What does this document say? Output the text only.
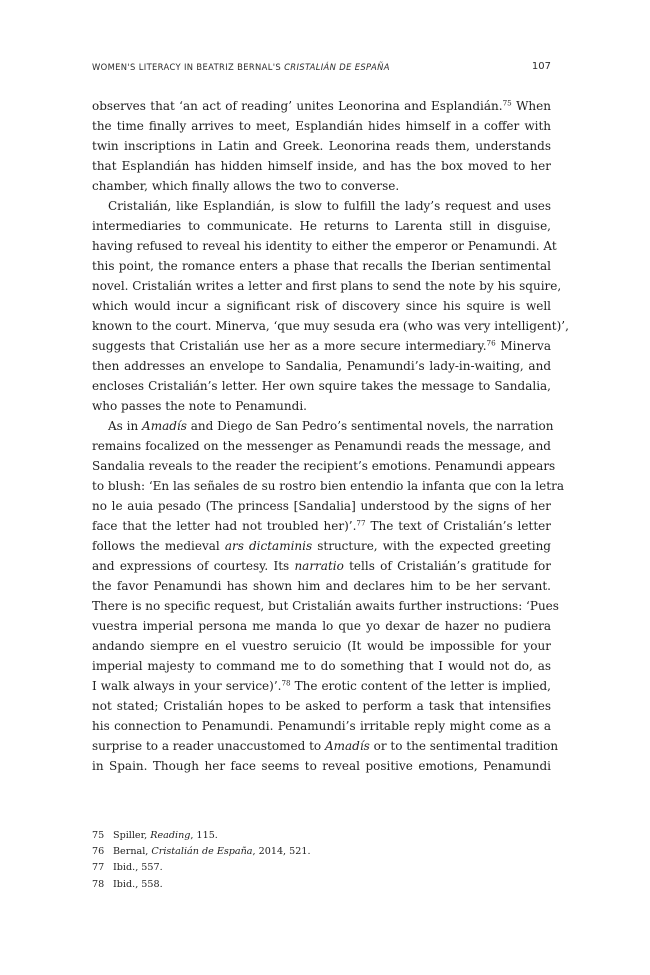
WOMEN'S LITERACY IN BEATRIZ BERNAL'S CRISTALIÁN DE ESPAÑA	107
observes that ‘an act of reading’ unites Leonorina and Esplandián.$^{75}$ When
the time finally arrives to meet, Esplandián hides himself in a coffer with
twin inscriptions in Latin and Greek. Leonorina reads them, understands
that Esplandián has hidden himself inside, and has the box moved to her
chamber, which finally allows the two to converse.
Cristalián, like Esplandián, is slow to fulfill the lady’s request and uses
intermediaries to communicate. He returns to Larenta still in disguise,
having refused to reveal his identity to either the emperor or Penamundi. At
this point, the romance enters a phase that recalls the Iberian sentimental
novel. Cristalián writes a letter and first plans to send the note by his squire,
which would incur a significant risk of discovery since his squire is well
known to the court. Minerva, ‘que muy sesuda era (who was very intelligent)’,
suggests that Cristalián use her as a more secure intermediary.$^{76}$ Minerva
then addresses an envelope to Sandalia, Penamundi’s lady-in-waiting, and
encloses Cristalián’s letter. Her own squire takes the message to Sandalia,
who passes the note to Penamundi.
As in Amadís and Diego de San Pedro’s sentimental novels, the narration
remains focalized on the messenger as Penamundi reads the message, and
Sandalia reveals to the reader the recipient’s emotions. Penamundi appears
to blush: ‘En las señales de su rostro bien entendio la infanta que con la letra
no le auia pesado (The princess [Sandalia] understood by the signs of her
face that the letter had not troubled her)’.$^{77}$ The text of Cristalián’s letter
follows the medieval ars dictaminis structure, with the expected greeting
and expressions of courtesy. Its narratio tells of Cristalián’s gratitude for
the favor Penamundi has shown him and declares him to be her servant.
There is no specific request, but Cristalián awaits further instructions: ‘Pues
vuestra imperial persona me manda lo que yo dexar de hazer no pudiera
andando siempre en el vuestro seruicio (It would be impossible for your
imperial majesty to command me to do something that I would not do, as
I walk always in your service)’.$^{78}$ The erotic content of the letter is implied,
not stated; Cristalián hopes to be asked to perform a task that intensifies
his connection to Penamundi. Penamundi’s irritable reply might come as a
surprise to a reader unaccustomed to Amadís or to the sentimental tradition
in Spain. Though her face seems to reveal positive emotions, Penamundi
75 Spiller, Reading, 115.
76 Bernal, Cristalián de España, 2014, 521.
77 Ibid., 557.
78 Ibid., 558.
